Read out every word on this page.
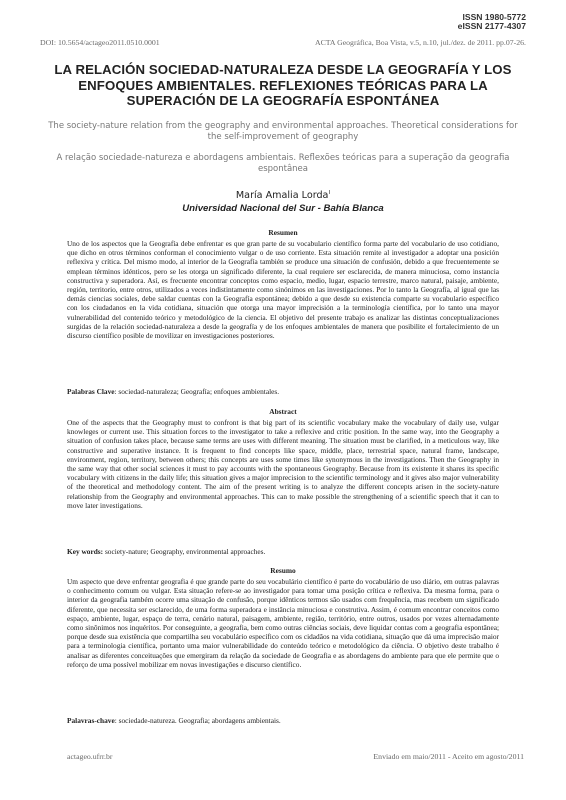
ISSN 1980-5772
eISSN 2177-4307
DOI: 10.5654/actageo2011.0510.0001	ACTA Geográfica, Boa Vista, v.5, n.10, jul./dez. de 2011. pp.07-26.
LA RELACIÓN SOCIEDAD-NATURALEZA DESDE LA GEOGRAFÍA Y LOS ENFOQUES AMBIENTALES. REFLEXIONES TEÓRICAS PARA LA SUPERACIÓN DE LA GEOGRAFÍA ESPONTÁNEA
The society-nature relation from the geography and environmental approaches. Theoretical considerations for the self-improvement of geography
A relação sociedade-natureza e abordagens ambientais. Reflexões teóricas para a superação da geografia espontânea
María Amalia Lorda$^I$
Universidad Nacional del Sur - Bahía Blanca
Resumen

Uno de los aspectos que la Geografía debe enfrentar es que gran parte de su vocabulario científico forma parte del vocabulario de uso cotidiano, que dicho en otros términos conforman el conocimiento vulgar o de uso corriente. Esta situación remite al investigador a adoptar una posición reflexiva y crítica. Del mismo modo, al interior de la Geografía también se produce una situación de confusión, debido a que frecuentemente se emplean términos idénticos, pero se les otorga un significado diferente, la cual requiere ser esclarecida, de manera minuciosa, como instancia constructiva y superadora. Así, es frecuente encontrar conceptos como espacio, medio, lugar, espacio terrestre, marco natural, paisaje, ambiente, región, territorio, entre otros, utilizados a veces indistintamente como sinónimos en las investigaciones. Por lo tanto la Geografía, al igual que las demás ciencias sociales, debe saldar cuentas con la Geografía espontánea; debido a que desde su existencia comparte su vocabulario específico con los ciudadanos en la vida cotidiana, situación que otorga una mayor imprecisión a la terminología científica, por lo tanto una mayor vulnerabilidad del contenido teórico y metodológico de la ciencia. El objetivo del presente trabajo es analizar las distintas conceptualizaciones surgidas de la relación sociedad-naturaleza a desde la geografía y de los enfoques ambientales de manera que posibilite el fortalecimiento de un discurso científico posible de movilizar en investigaciones posteriores.

Palabras Clave: sociedad-naturaleza; Geografía; enfoques ambientales.

Abstract

One of the aspects that the Geography must to confront is that big part of its scientific vocabulary make the vocabulary of daily use, vulgar knowleges or current use. This situation forces to the investigator to take a reflexive and critic position. In the same way, into the Geography a situation of confusion takes place, because same terms are uses with different meaning. The situation must be clarified, in a meticulous way, like constructive and superative instance. It is frequent to find concepts like space, middle, place, terrestrial space, natural frame, landscape, environment, region, territory, between others; this concepts are uses some times like synonymous in the investigations. Then the Geography in the same way that other social sciences it must to pay accounts with the spontaneous Geography. Because from its existente it shares its specific vocabulary with citizens in the daily life; this situation gives a major imprecision to the scientific terminology and it gives also major vulnerability of the theoretical and methodology content. The aim of the present writing is to analyze the different concepts arisen in the society-nature relationship from the Geography and environmental approaches. This can to make possible the strengthening of a scientific speech that it can to move later investigations.

Key words: society-nature; Geography, environmental approaches.

Resumo

Um aspecto que deve enfrentar geografia é que grande parte do seu vocabulário científico é parte do vocabulário de uso diário, em outras palavras o conhecimento comum ou vulgar. Esta situação refere-se ao investigador para tomar uma posição crítica e reflexiva. Da mesma forma, para o interior da geografia também ocorre uma situação de confusão, porque idênticos termos são usados com frequência, mas recebem um significado diferente, que necessita ser esclarecido, de uma forma superadora e instância minuciosa e construtiva. Assim, é comum encontrar conceitos como espaço, ambiente, lugar, espaço de terra, cenário natural, paisagem, ambiente, região, território, entre outros, usados por vezes alternadamente como sinônimos nos inquéritos. Por conseguinte, a geografia, bem como outras ciências sociais, deve liquidar contas com a geografia espontânea; porque desde sua existência que compartilha seu vocabulário específico com os cidadãos na vida cotidiana, situação que dá uma imprecisão maior para a terminologia científica, portanto uma maior vulnerabilidade do conteúdo teórico e metodológico da ciência. O objetivo deste trabalho é analisar as diferentes conceituações que emergiram da relação da sociedade de Geografia e as abordagens do ambiente para que ele permite que o reforço de uma possível mobilizar em novas investigações e discurso científico.

Palavras-chave: sociedade-natureza. Geografia; abordagens ambientais.

actageo.ufrr.br	Enviado em maio/2011 - Aceito em agosto/2011
